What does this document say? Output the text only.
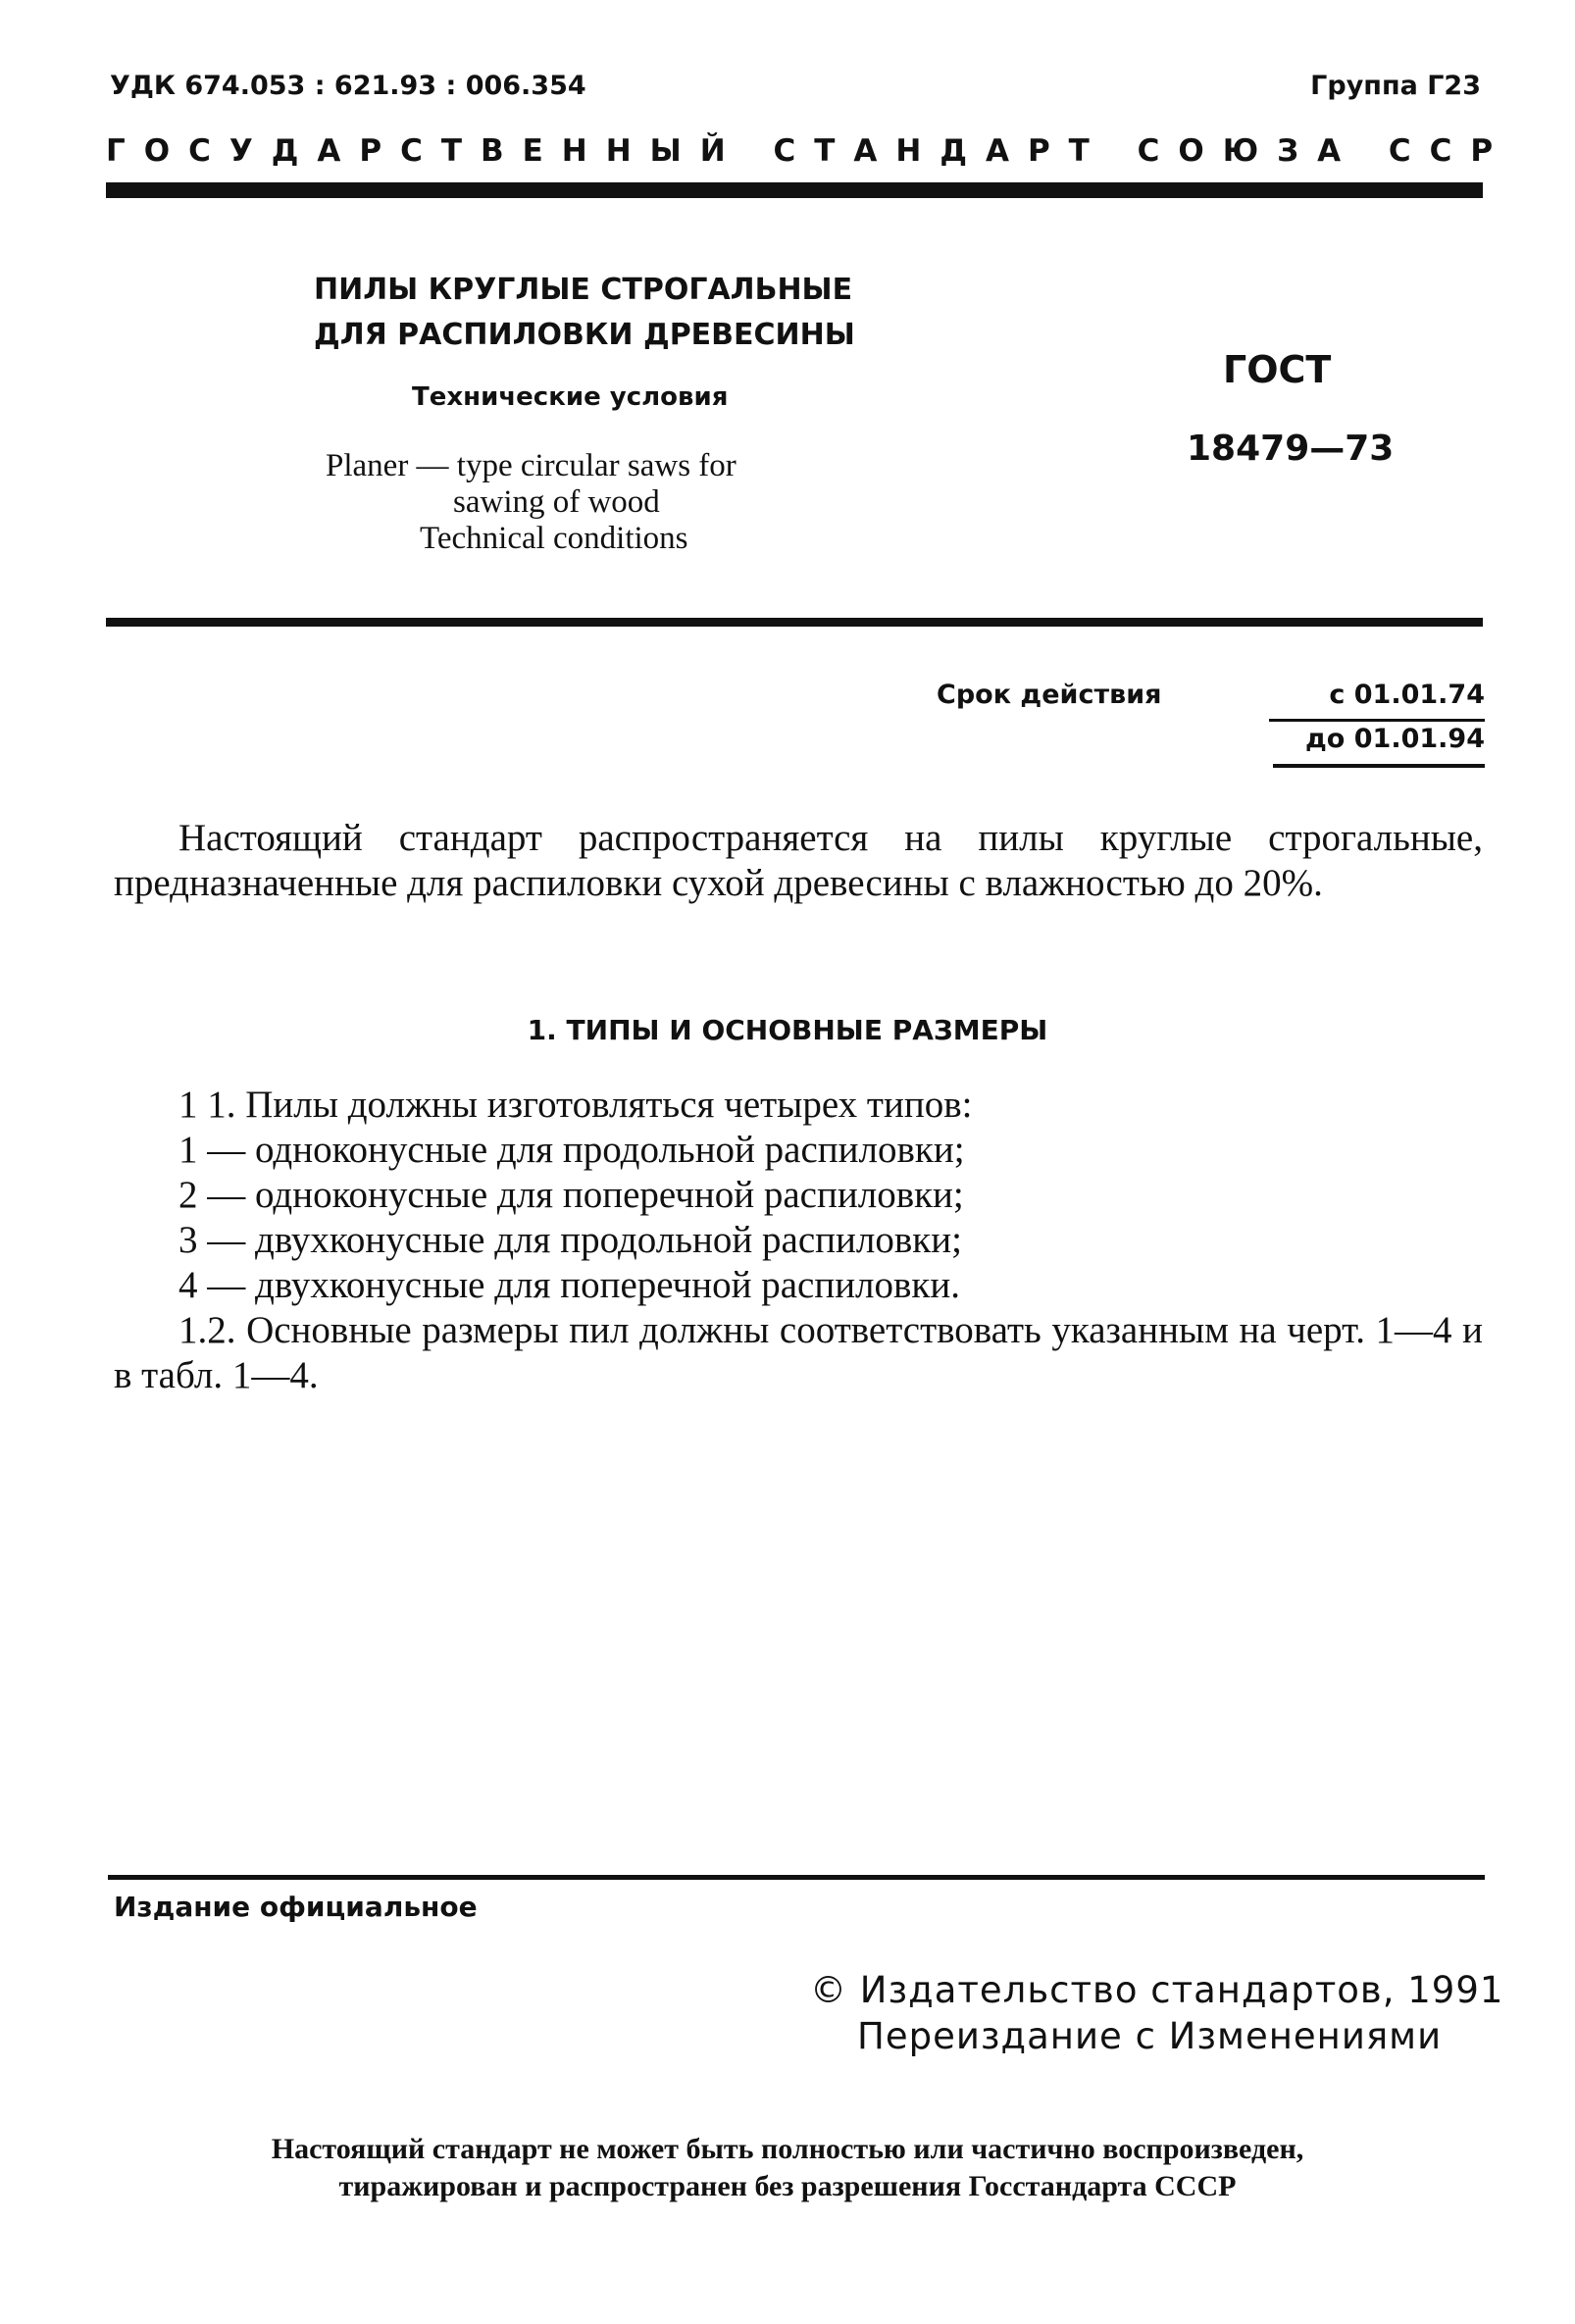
УДК 674.053 : 621.93 : 006.354	Группа Г23
ГОСУДАРСТВЕННЫЙ СТАНДАРТ СОЮЗА ССР
ПИЛЫ КРУГЛЫЕ СТРОГАЛЬНЫЕ
ДЛЯ РАСПИЛОВКИ ДРЕВЕСИНЫ
Технические условия
Planer — type circular saws for
sawing of wood
Technical conditions
ГОСТ
18479—73
Срок действия	с 01.01.74
до 01.01.94

Настоящий стандарт распространяется на пилы круглые строгальные, предназначенные для распиловки сухой древесины с влажностью до 20%.

1. ТИПЫ И ОСНОВНЫЕ РАЗМЕРЫ
1 1. Пилы должны изготовляться четырех типов:
1 — одноконусные для продольной распиловки;
2 — одноконусные для поперечной распиловки;
3 — двухконусные для продольной распиловки;
4 — двухконусные для поперечной распиловки.

1.2. Основные размеры пил должны соответствовать указанным на черт. 1—4 и в табл. 1—4.

Издание официальное
© Издательство стандартов, 1991
Переиздание с Изменениями
Настоящий стандарт не может быть полностью или частично воспроизведен,
тиражирован и распространен без разрешения Госстандарта СССР
